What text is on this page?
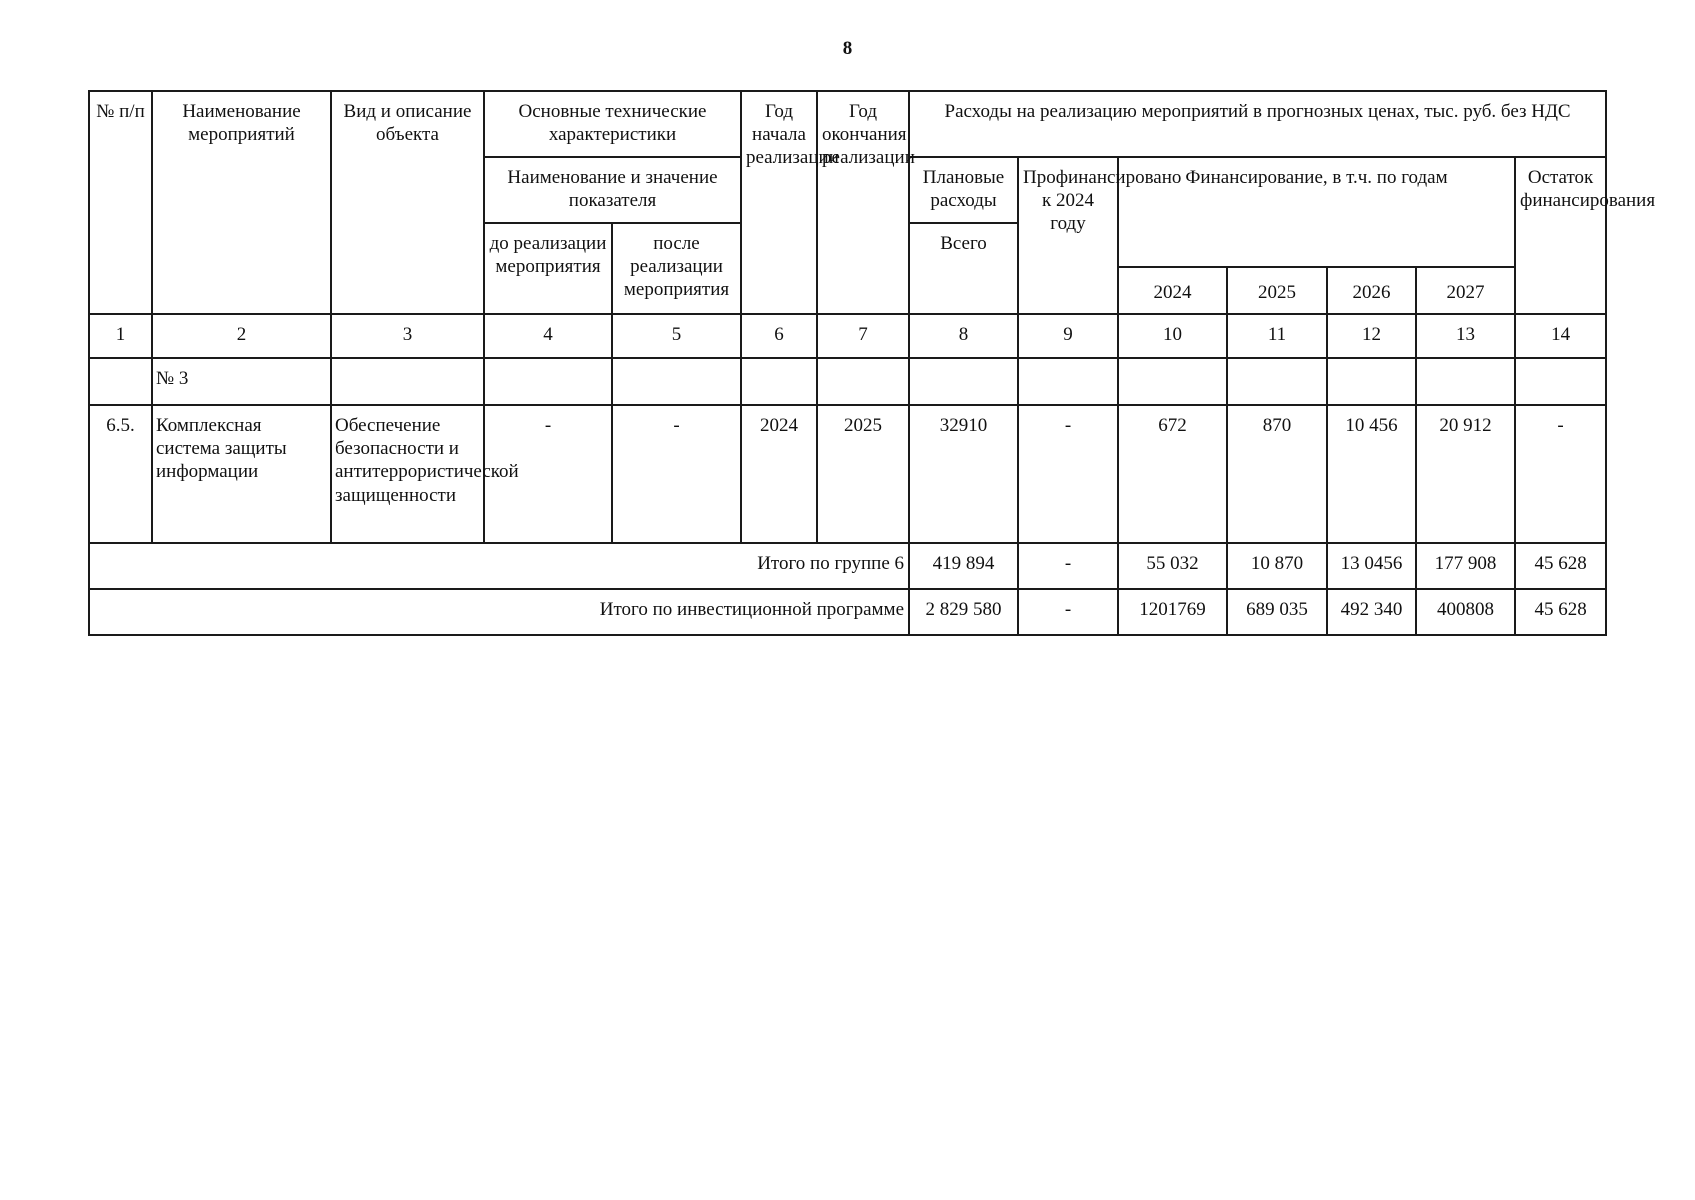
8
№ п/п	Наименование мероприятий	Вид и описание объекта	Основные технические характеристики		Год начала реализации	Год окончания реализации	Расходы на реализацию мероприятий в прогнозных ценах, тыс. руб. без НДС						
			Наименование и значение показателя				Плановые расходы	Профинансировано к 2024 году	Финансирование, в т.ч. по годам				Остаток финансирования
			до реализации мероприятия	после реализации мероприятия			Всего						
									2024	2025	2026	2027	
1	2	3	4	5	6	7	8	9	10	11	12	13	14
	№ 3												
6.5.	Комплексная система защиты информации	Обеспечение безопасности и антитеррористической защищенности	-	-	2024	2025	32910	-	672	870	10 456	20 912	-
Итого по группе 6							419 894	-	55 032	10 870	13 0456	177 908	45 628
Итого по инвестиционной программе							2 829 580	-	1201769	689 035	492 340	400808	45 628
